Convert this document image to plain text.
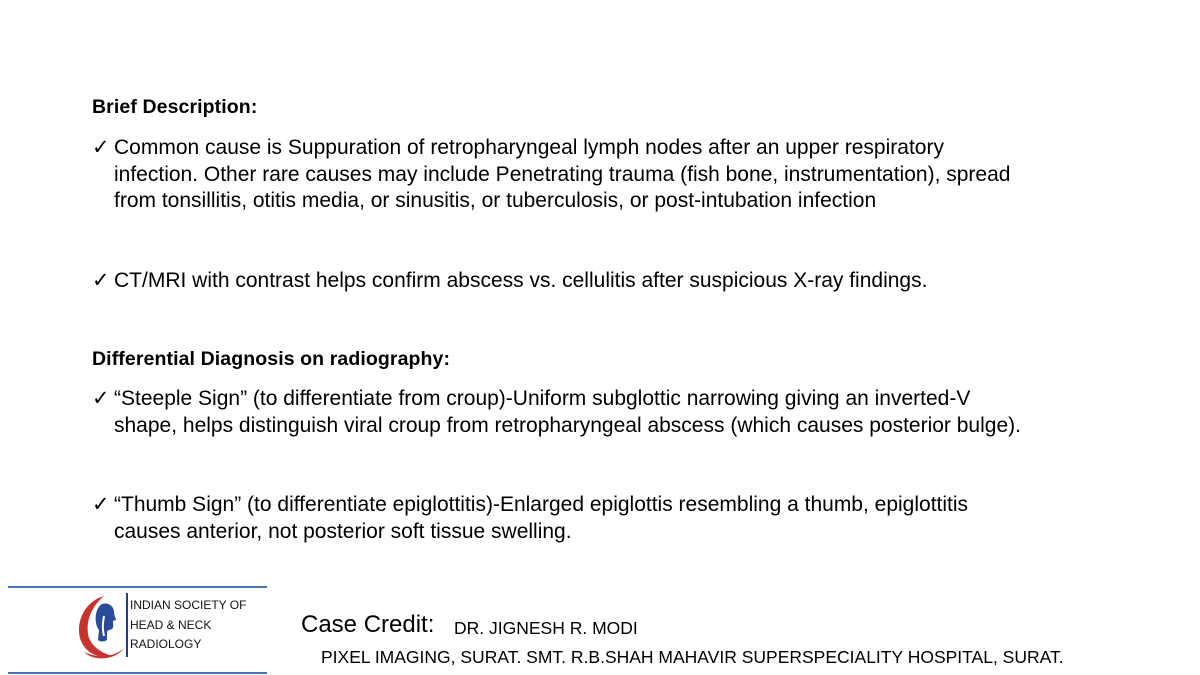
Brief Description:
✓ Common cause is Suppuration of retropharyngeal lymph nodes after an upper respiratory
infection. Other rare causes may include Penetrating trauma (fish bone, instrumentation), spread
from tonsillitis, otitis media, or sinusitis, or tuberculosis, or post-intubation infection
✓ CT/MRI with contrast helps confirm abscess vs. cellulitis after suspicious X-ray findings.
Differential Diagnosis on radiography:
✓ “Steeple Sign” (to differentiate from croup)-Uniform subglottic narrowing giving an inverted-V
shape, helps distinguish viral croup from retropharyngeal abscess (which causes posterior bulge).
✓ “Thumb Sign” (to differentiate epiglottitis)-Enlarged epiglottis resembling a thumb, epiglottitis
causes anterior, not posterior soft tissue swelling.
INDIAN SOCIETY OF
HEAD & NECK
RADIOLOGY
Case Credit: DR. JIGNESH R. MODI
PIXEL IMAGING, SURAT. SMT. R.B.SHAH MAHAVIR SUPERSPECIALITY HOSPITAL, SURAT.
